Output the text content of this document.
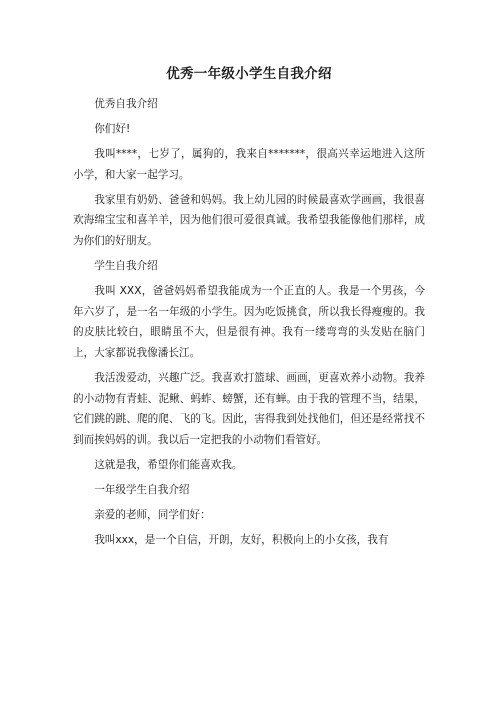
优秀一年级小学生自我介绍

优秀自我介绍

你们好!

我叫****，七岁了，属狗的，我来自*******，很高兴幸运地进入这所小学，和大家一起学习。

我家里有奶奶、爸爸和妈妈。我上幼儿园的时候最喜欢学画画，我很喜欢海绵宝宝和喜羊羊，因为他们很可爱很真诚。我希望我能像他们那样，成为你们的好朋友。

学生自我介绍

我叫 XXX，爸爸妈妈希望我能成为一个正直的人。我是一个男孩，今年六岁了，是一名一年级的小学生。因为吃饭挑食，所以我长得瘦瘦的。我的皮肤比较白，眼睛虽不大，但是很有神。我有一缕弯弯的头发贴在脑门上，大家都说我像潘长江。

我活泼爱动，兴趣广泛。我喜欢打篮球、画画，更喜欢养小动物。我养的小动物有青蛙、泥鳅、蚂蚱、螃蟹，还有蝉。由于我的管理不当，结果，它们跳的跳、爬的爬、飞的飞。因此，害得我到处找他们，但还是经常找不到而挨妈妈的训。我以后一定把我的小动物们看管好。

这就是我，希望你们能喜欢我。

一年级学生自我介绍

亲爱的老师，同学们好：

我叫xxx，是一个自信，开朗，友好，积极向上的小女孩，我有
